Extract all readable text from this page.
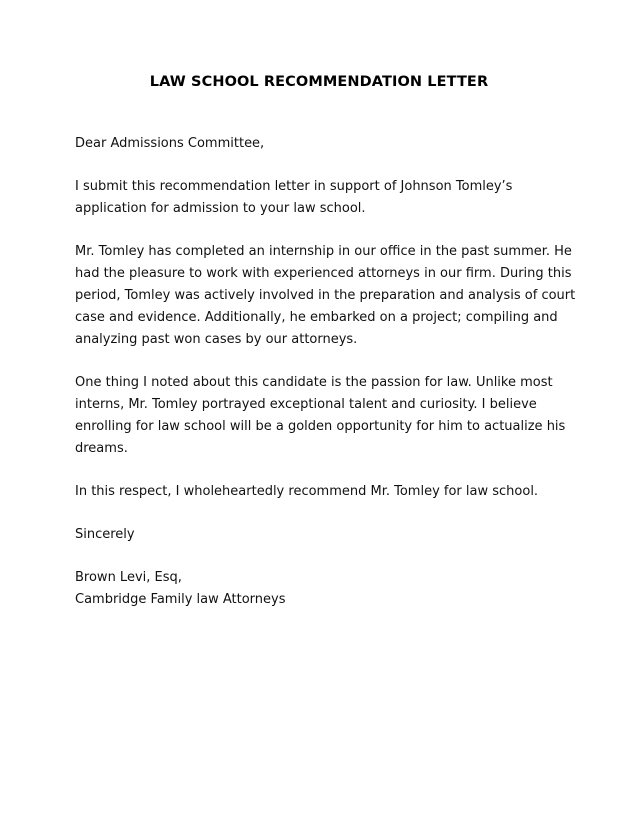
LAW SCHOOL RECOMMENDATION LETTER

Dear Admissions Committee,

I submit this recommendation letter in support of Johnson Tomley’s
application for admission to your law school.

Mr. Tomley has completed an internship in our office in the past summer. He
had the pleasure to work with experienced attorneys in our firm. During this
period, Tomley was actively involved in the preparation and analysis of court
case and evidence. Additionally, he embarked on a project; compiling and
analyzing past won cases by our attorneys.

One thing I noted about this candidate is the passion for law. Unlike most
interns, Mr. Tomley portrayed exceptional talent and curiosity. I believe
enrolling for law school will be a golden opportunity for him to actualize his
dreams.

In this respect, I wholeheartedly recommend Mr. Tomley for law school.

Sincerely

Brown Levi, Esq,
Cambridge Family law Attorneys
